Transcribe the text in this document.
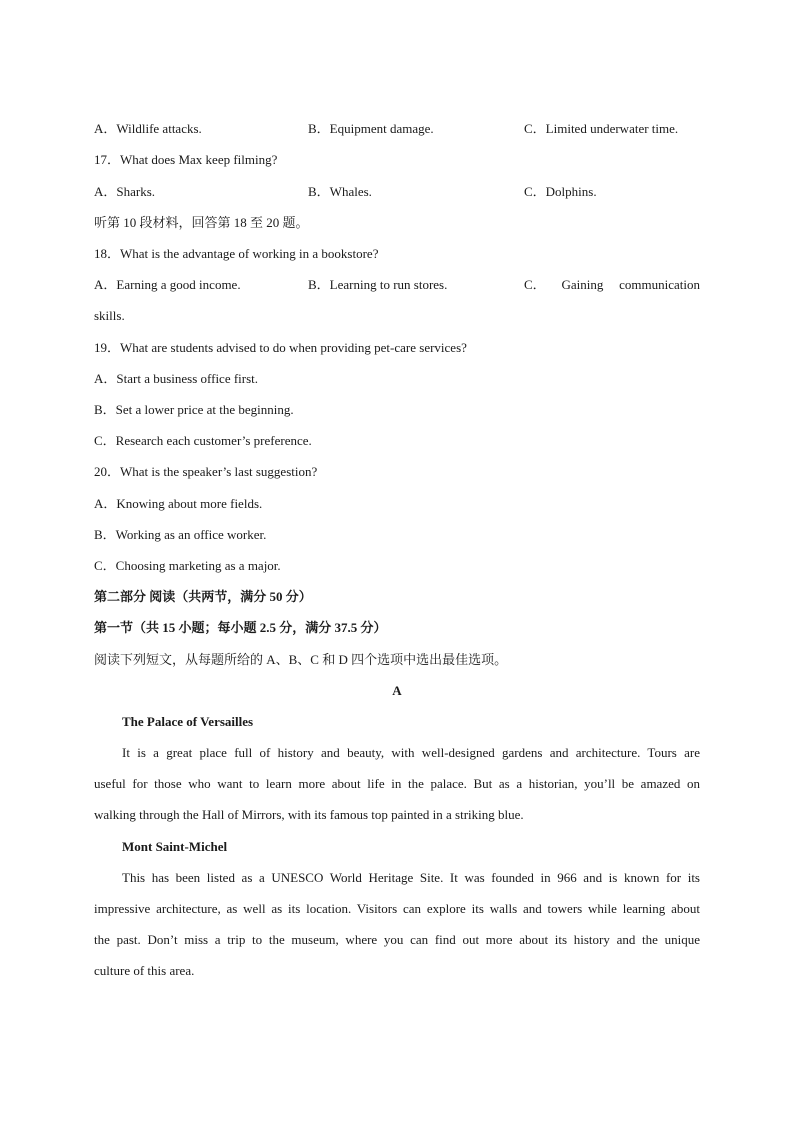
A．Wildlife attacks.	B．Equipment damage.	C．Limited underwater time.
17．What does Max keep filming?
A．Sharks.	B．Whales.	C．Dolphins.
听第 10 段材料，回答第 18 至 20 题。
18．What is the advantage of working in a bookstore?
A．Earning a good income.	B．Learning to run stores.	C． Gaining communication
skills.
19．What are students advised to do when providing pet-care services?
A．Start a business office first.
B．Set a lower price at the beginning.
C．Research each customer’s preference.
20．What is the speaker’s last suggestion?
A．Knowing about more fields.
B．Working as an office worker.
C．Choosing marketing as a major.
第二部分 阅读（共两节，满分 50 分）
第一节（共 15 小题；每小题 2.5 分，满分 37.5 分）
阅读下列短文，从每题所给的 A、B、C 和 D 四个选项中选出最佳选项。
A
The Palace of Versailles
It is a great place full of history and beauty, with well-designed gardens and architecture. Tours are
useful for those who want to learn more about life in the palace. But as a historian, you’ll be amazed on
walking through the Hall of Mirrors, with its famous top painted in a striking blue.
Mont Saint-Michel
This has been listed as a UNESCO World Heritage Site. It was founded in 966 and is known for its
impressive architecture, as well as its location. Visitors can explore its walls and towers while learning about
the past. Don’t miss a trip to the museum, where you can find out more about its history and the unique
culture of this area.
